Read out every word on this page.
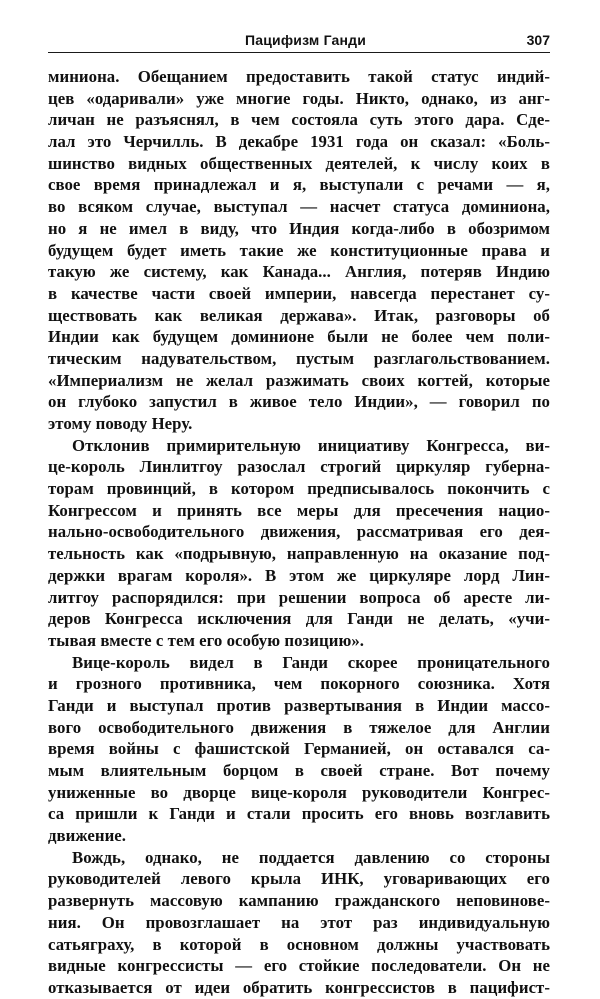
Пацифизм Ганди	307
миниона. Обещанием предоставить такой статус индий-
цев «одаривали» уже многие годы. Никто, однако, из анг-
личан не разъяснял, в чем состояла суть этого дара. Сде-
лал это Черчилль. В декабре 1931 года он сказал: «Боль-
шинство видных общественных деятелей, к числу коих в
свое время принадлежал и я, выступали с речами — я,
во всяком случае, выступал — насчет статуса доминиона,
но я не имел в виду, что Индия когда-либо в обозримом
будущем будет иметь такие же конституционные права и
такую же систему, как Канада... Англия, потеряв Индию
в качестве части своей империи, навсегда перестанет су-
ществовать как великая держава». Итак, разговоры об
Индии как будущем доминионе были не более чем поли-
тическим надувательством, пустым разглагольствованием.
«Империализм не желал разжимать своих когтей, которые
он глубоко запустил в живое тело Индии», — говорил по
этому поводу Неру.
Отклонив примирительную инициативу Конгресса, ви-
це-король Линлитгоу разослал строгий циркуляр губерна-
торам провинций, в котором предписывалось покончить с
Конгрессом и принять все меры для пресечения нацио-
нально-освободительного движения, рассматривая его дея-
тельность как «подрывную, направленную на оказание под-
держки врагам короля». В этом же циркуляре лорд Лин-
литгоу распорядился: при решении вопроса об аресте ли-
деров Конгресса исключения для Ганди не делать, «учи-
тывая вместе с тем его особую позицию».
Вице-король видел в Ганди скорее проницательного
и грозного противника, чем покорного союзника. Хотя
Ганди и выступал против развертывания в Индии массо-
вого освободительного движения в тяжелое для Англии
время войны с фашистской Германией, он оставался са-
мым влиятельным борцом в своей стране. Вот почему
униженные во дворце вице-короля руководители Конгрес-
са пришли к Ганди и стали просить его вновь возглавить
движение.
Вождь, однако, не поддается давлению со стороны
руководителей левого крыла ИНК, уговаривающих его
развернуть массовую кампанию гражданского неповинове-
ния. Он провозглашает на этот раз индивидуальную
сатьяграху, в которой в основном должны участвовать
видные конгрессисты — его стойкие последователи. Он не
отказывается от идеи обратить конгрессистов в пацифист-
